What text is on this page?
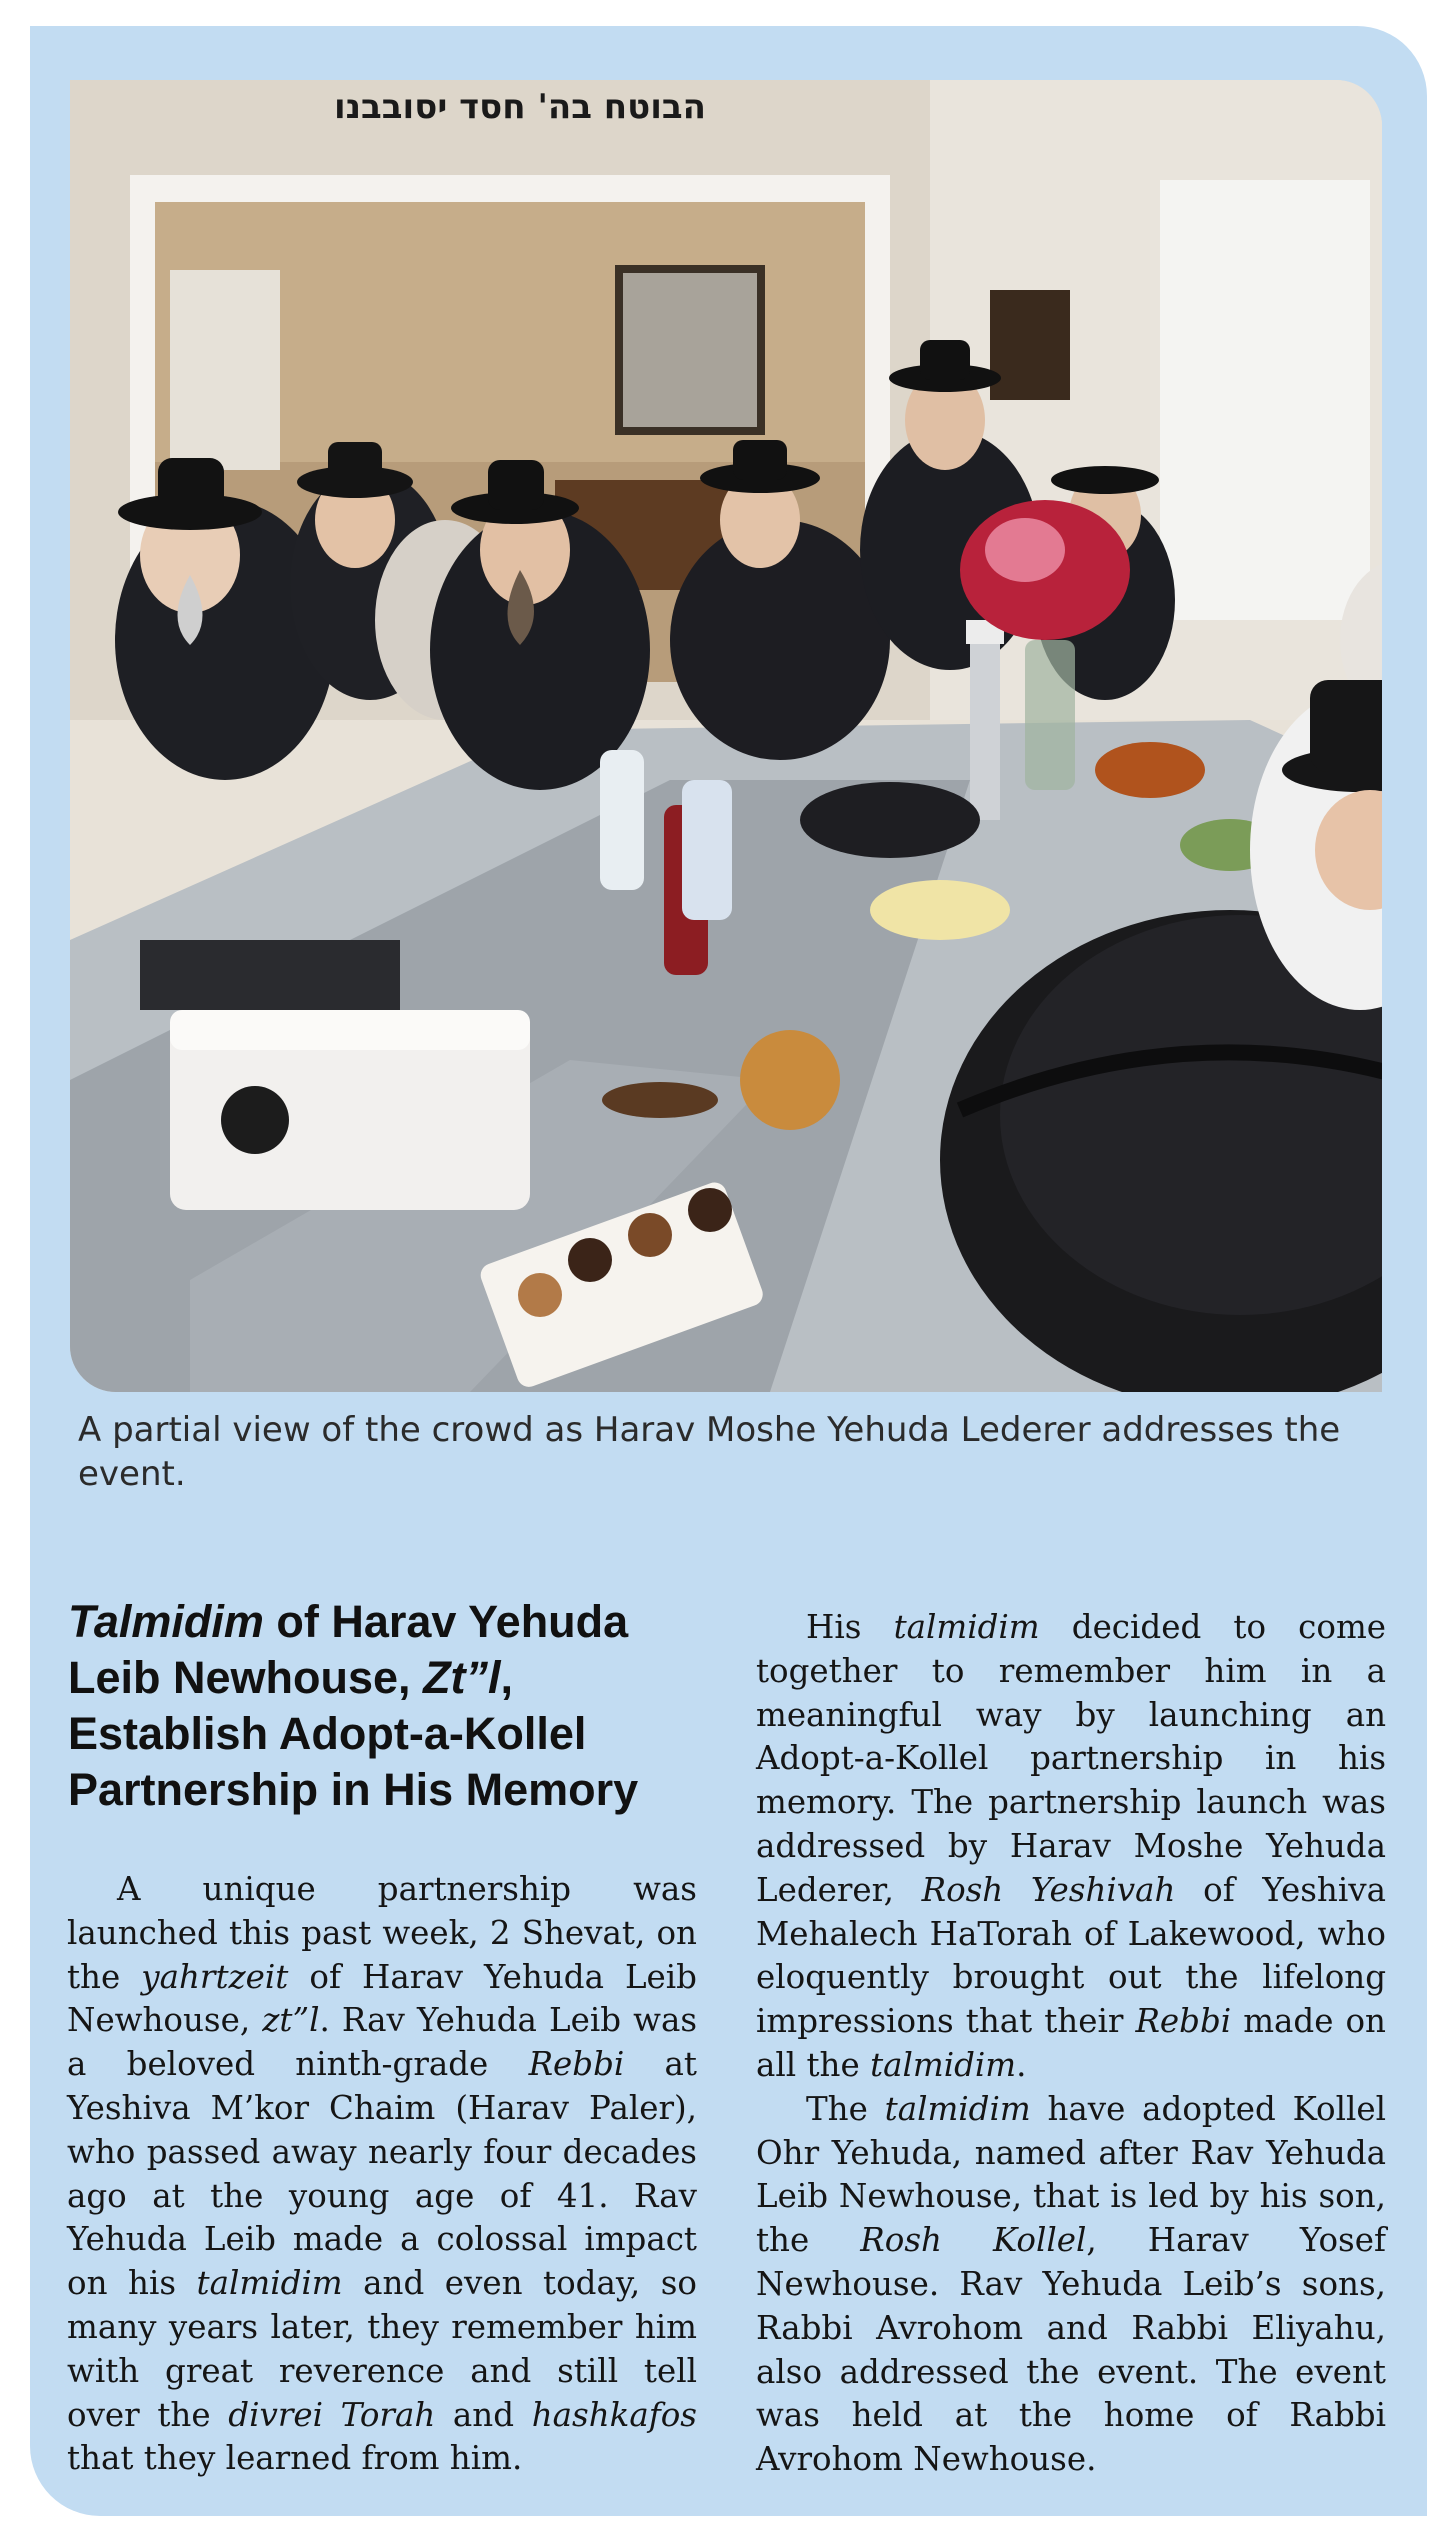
הבוטח בה' חסד יסובבנו

A partial view of the crowd as Harav Moshe Yehuda Lederer addresses the event.

Talmidim of Harav Yehuda Leib Newhouse, Zt”l, Establish Adopt-a-Kollel Partnership in His Memory

A unique partnership was launched this past week, 2 Shevat, on the yahrtzeit of Harav Yehuda Leib Newhouse, zt”l. Rav Yehuda Leib was a beloved ninth-grade Rebbi at Yeshiva M’kor Chaim (Harav Paler), who passed away nearly four decades ago at the young age of 41. Rav Yehuda Leib made a colossal impact on his talmidim and even today, so many years later, they remember him with great reverence and still tell over the divrei Torah and hashkafos that they learned from him.

His talmidim decided to come together to remember him in a meaningful way by launching an Adopt-a-Kollel partnership in his memory. The partnership launch was addressed by Harav Moshe Yehuda Lederer, Rosh Yeshivah of Yeshiva Mehalech HaTorah of Lakewood, who eloquently brought out the lifelong impressions that their Rebbi made on all the talmidim.

The talmidim have adopted Kollel Ohr Yehuda, named after Rav Yehuda Leib Newhouse, that is led by his son, the Rosh Kollel, Harav Yosef Newhouse. Rav Yehuda Leib’s sons, Rabbi Avrohom and Rabbi Eliyahu, also addressed the event. The event was held at the home of Rabbi Avrohom Newhouse.
